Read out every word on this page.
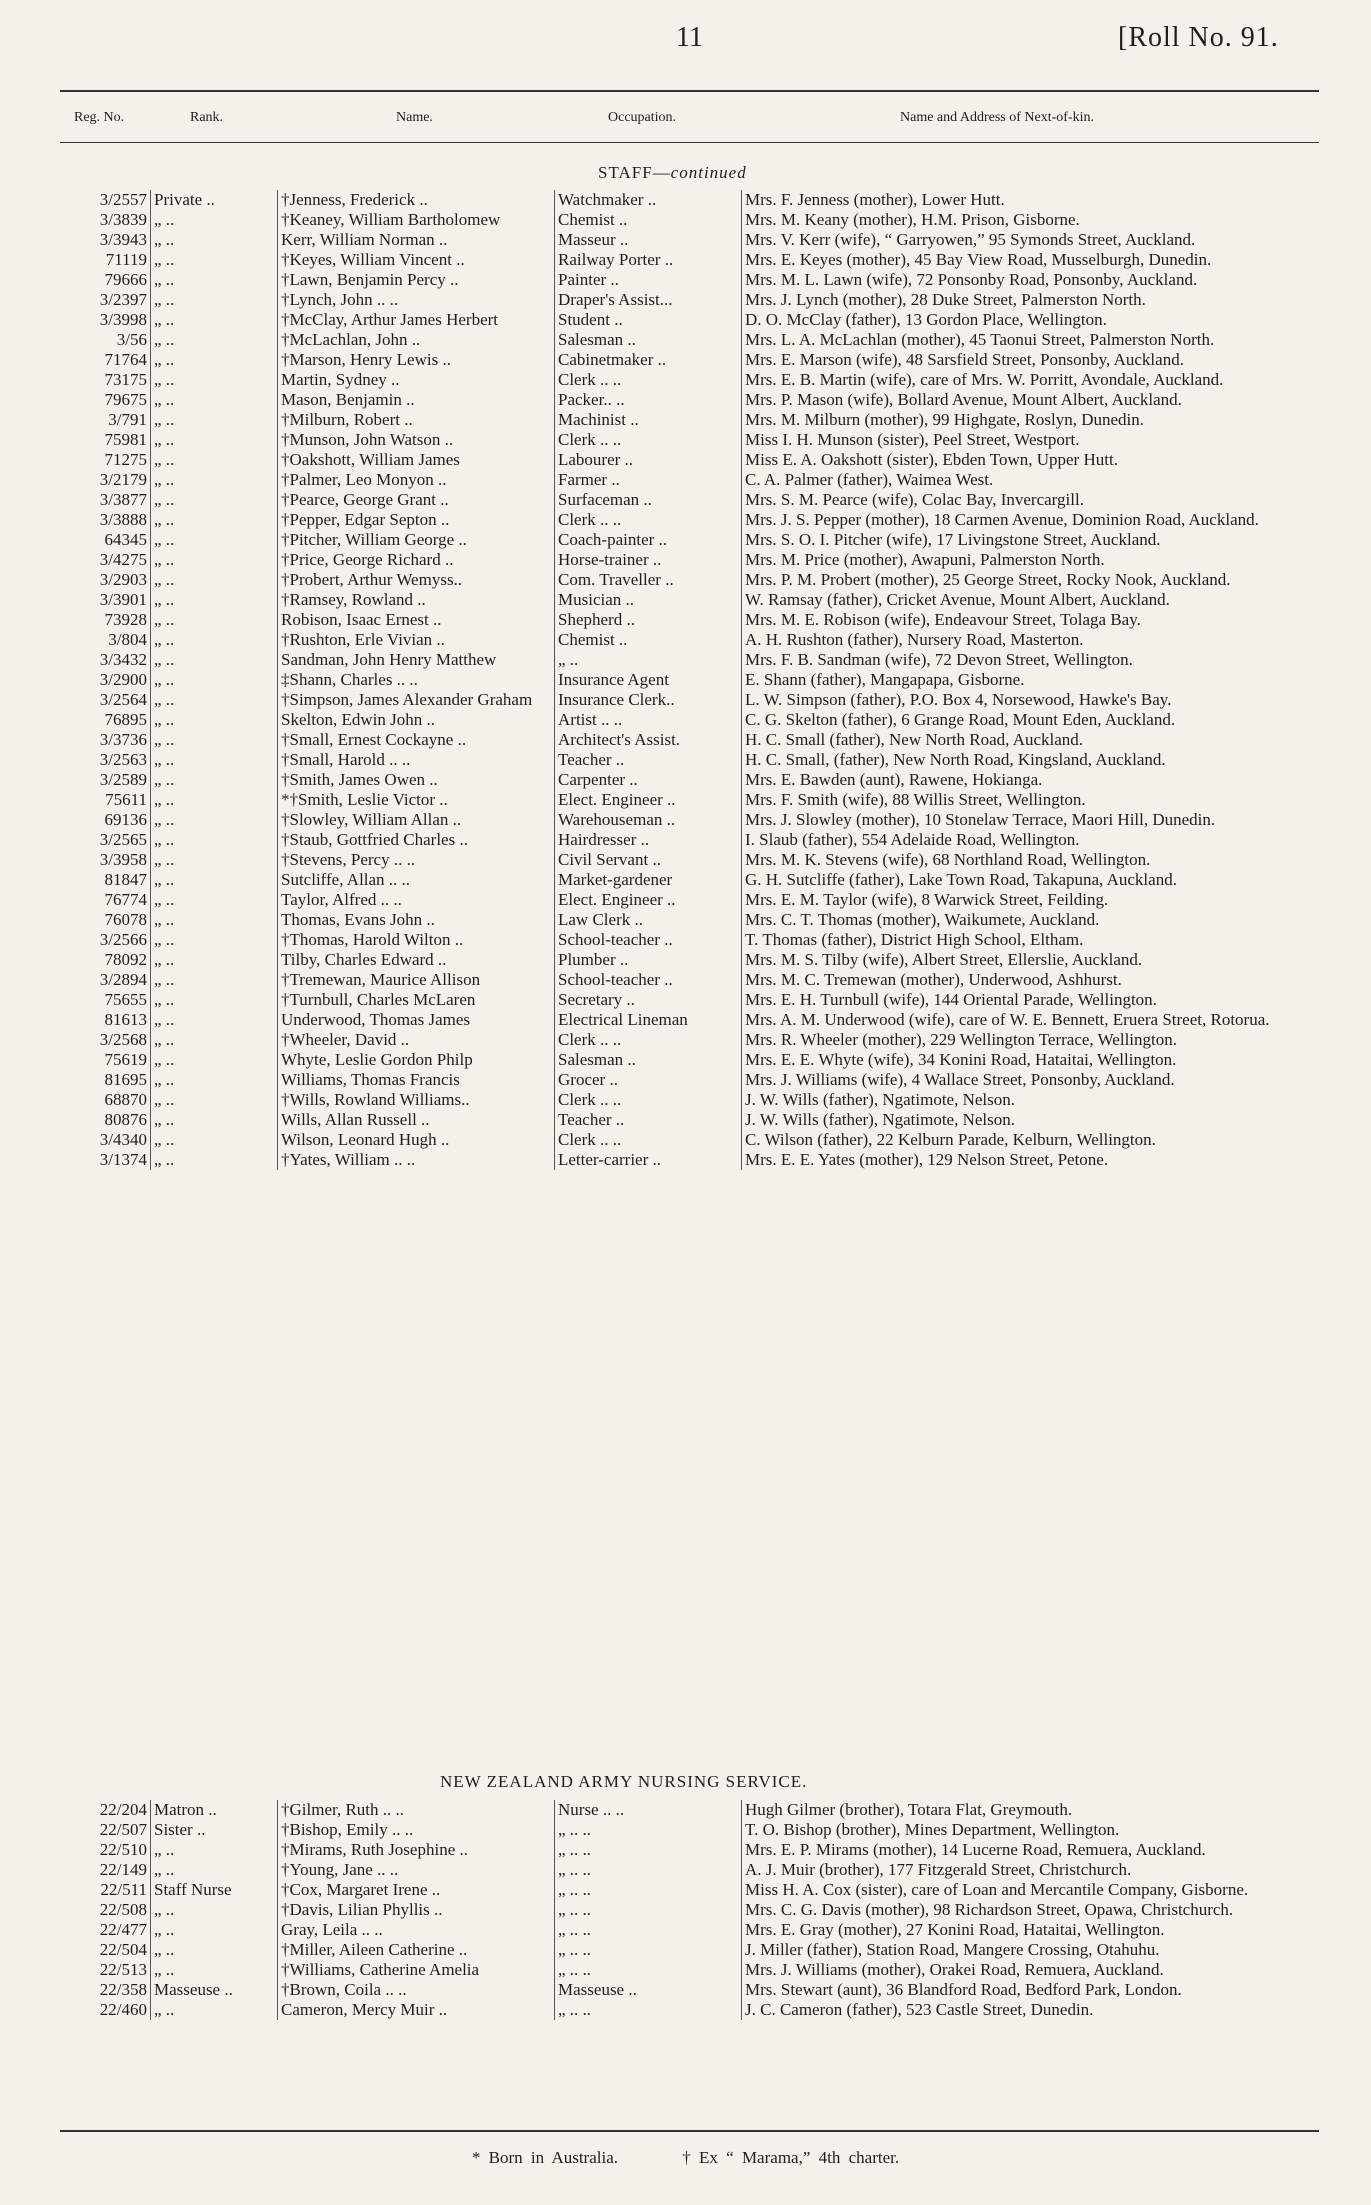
11	[Roll No. 91.
Reg. No.	Rank.	Name.	Occupation.	Name and Address of Next-of-kin.
STAFF—continued
3/2557	Private ..	†Jenness, Frederick ..	Watchmaker ..	Mrs. F. Jenness (mother), Lower Hutt.
3/3839	„ ..	†Keaney, William Bartholomew	Chemist ..	Mrs. M. Keany (mother), H.M. Prison, Gisborne.
3/3943	„ ..	Kerr, William Norman ..	Masseur ..	Mrs. V. Kerr (wife), “ Garryowen,” 95 Symonds Street, Auckland.
71119	„ ..	†Keyes, William Vincent ..	Railway Porter ..	Mrs. E. Keyes (mother), 45 Bay View Road, Musselburgh, Dunedin.
79666	„ ..	†Lawn, Benjamin Percy ..	Painter ..	Mrs. M. L. Lawn (wife), 72 Ponsonby Road, Ponsonby, Auckland.
3/2397	„ ..	†Lynch, John .. ..	Draper's Assist...	Mrs. J. Lynch (mother), 28 Duke Street, Palmerston North.
3/3998	„ ..	†McClay, Arthur James Herbert	Student ..	D. O. McClay (father), 13 Gordon Place, Wellington.
3/56	„ ..	†McLachlan, John ..	Salesman ..	Mrs. L. A. McLachlan (mother), 45 Taonui Street, Palmerston North.
71764	„ ..	†Marson, Henry Lewis ..	Cabinetmaker ..	Mrs. E. Marson (wife), 48 Sarsfield Street, Ponsonby, Auckland.
73175	„ ..	Martin, Sydney ..	Clerk .. ..	Mrs. E. B. Martin (wife), care of Mrs. W. Porritt, Avondale, Auckland.
79675	„ ..	Mason, Benjamin ..	Packer.. ..	Mrs. P. Mason (wife), Bollard Avenue, Mount Albert, Auckland.
3/791	„ ..	†Milburn, Robert ..	Machinist ..	Mrs. M. Milburn (mother), 99 Highgate, Roslyn, Dunedin.
75981	„ ..	†Munson, John Watson ..	Clerk .. ..	Miss I. H. Munson (sister), Peel Street, Westport.
71275	„ ..	†Oakshott, William James	Labourer ..	Miss E. A. Oakshott (sister), Ebden Town, Upper Hutt.
3/2179	„ ..	†Palmer, Leo Monyon ..	Farmer ..	C. A. Palmer (father), Waimea West.
3/3877	„ ..	†Pearce, George Grant ..	Surfaceman ..	Mrs. S. M. Pearce (wife), Colac Bay, Invercargill.
3/3888	„ ..	†Pepper, Edgar Septon ..	Clerk .. ..	Mrs. J. S. Pepper (mother), 18 Carmen Avenue, Dominion Road, Auckland.
64345	„ ..	†Pitcher, William George ..	Coach-painter ..	Mrs. S. O. I. Pitcher (wife), 17 Livingstone Street, Auckland.
3/4275	„ ..	†Price, George Richard ..	Horse-trainer ..	Mrs. M. Price (mother), Awapuni, Palmerston North.
3/2903	„ ..	†Probert, Arthur Wemyss..	Com. Traveller ..	Mrs. P. M. Probert (mother), 25 George Street, Rocky Nook, Auckland.
3/3901	„ ..	†Ramsey, Rowland ..	Musician ..	W. Ramsay (father), Cricket Avenue, Mount Albert, Auckland.
73928	„ ..	Robison, Isaac Ernest ..	Shepherd ..	Mrs. M. E. Robison (wife), Endeavour Street, Tolaga Bay.
3/804	„ ..	†Rushton, Erle Vivian ..	Chemist ..	A. H. Rushton (father), Nursery Road, Masterton.
3/3432	„ ..	Sandman, John Henry Matthew	„ ..	Mrs. F. B. Sandman (wife), 72 Devon Street, Wellington.
3/2900	„ ..	‡Shann, Charles .. ..	Insurance Agent	E. Shann (father), Mangapapa, Gisborne.
3/2564	„ ..	†Simpson, James Alexander Graham	Insurance Clerk..	L. W. Simpson (father), P.O. Box 4, Norsewood, Hawke's Bay.
76895	„ ..	Skelton, Edwin John ..	Artist .. ..	C. G. Skelton (father), 6 Grange Road, Mount Eden, Auckland.
3/3736	„ ..	†Small, Ernest Cockayne ..	Architect's Assist.	H. C. Small (father), New North Road, Auckland.
3/2563	„ ..	†Small, Harold .. ..	Teacher ..	H. C. Small, (father), New North Road, Kingsland, Auckland.
3/2589	„ ..	†Smith, James Owen ..	Carpenter ..	Mrs. E. Bawden (aunt), Rawene, Hokianga.
75611	„ ..	*†Smith, Leslie Victor ..	Elect. Engineer ..	Mrs. F. Smith (wife), 88 Willis Street, Wellington.
69136	„ ..	†Slowley, William Allan ..	Warehouseman ..	Mrs. J. Slowley (mother), 10 Stonelaw Terrace, Maori Hill, Dunedin.
3/2565	„ ..	†Staub, Gottfried Charles ..	Hairdresser ..	I. Slaub (father), 554 Adelaide Road, Wellington.
3/3958	„ ..	†Stevens, Percy .. ..	Civil Servant ..	Mrs. M. K. Stevens (wife), 68 Northland Road, Wellington.
81847	„ ..	Sutcliffe, Allan .. ..	Market-gardener	G. H. Sutcliffe (father), Lake Town Road, Takapuna, Auckland.
76774	„ ..	Taylor, Alfred .. ..	Elect. Engineer ..	Mrs. E. M. Taylor (wife), 8 Warwick Street, Feilding.
76078	„ ..	Thomas, Evans John ..	Law Clerk ..	Mrs. C. T. Thomas (mother), Waikumete, Auckland.
3/2566	„ ..	†Thomas, Harold Wilton ..	School-teacher ..	T. Thomas (father), District High School, Eltham.
78092	„ ..	Tilby, Charles Edward ..	Plumber ..	Mrs. M. S. Tilby (wife), Albert Street, Ellerslie, Auckland.
3/2894	„ ..	†Tremewan, Maurice Allison	School-teacher ..	Mrs. M. C. Tremewan (mother), Underwood, Ashhurst.
75655	„ ..	†Turnbull, Charles McLaren	Secretary ..	Mrs. E. H. Turnbull (wife), 144 Oriental Parade, Wellington.
81613	„ ..	Underwood, Thomas James	Electrical Lineman	Mrs. A. M. Underwood (wife), care of W. E. Bennett, Eruera Street, Rotorua.
3/2568	„ ..	†Wheeler, David ..	Clerk .. ..	Mrs. R. Wheeler (mother), 229 Wellington Terrace, Wellington.
75619	„ ..	Whyte, Leslie Gordon Philp	Salesman ..	Mrs. E. E. Whyte (wife), 34 Konini Road, Hataitai, Wellington.
81695	„ ..	Williams, Thomas Francis	Grocer ..	Mrs. J. Williams (wife), 4 Wallace Street, Ponsonby, Auckland.
68870	„ ..	†Wills, Rowland Williams..	Clerk .. ..	J. W. Wills (father), Ngatimote, Nelson.
80876	„ ..	Wills, Allan Russell ..	Teacher ..	J. W. Wills (father), Ngatimote, Nelson.
3/4340	„ ..	Wilson, Leonard Hugh ..	Clerk .. ..	C. Wilson (father), 22 Kelburn Parade, Kelburn, Wellington.
3/1374	„ ..	†Yates, William .. ..	Letter-carrier ..	Mrs. E. E. Yates (mother), 129 Nelson Street, Petone.
NEW ZEALAND ARMY NURSING SERVICE.
22/204	Matron ..	†Gilmer, Ruth .. ..	Nurse .. ..	Hugh Gilmer (brother), Totara Flat, Greymouth.
22/507	Sister ..	†Bishop, Emily .. ..	„ .. ..	T. O. Bishop (brother), Mines Department, Wellington.
22/510	„ ..	†Mirams, Ruth Josephine ..	„ .. ..	Mrs. E. P. Mirams (mother), 14 Lucerne Road, Remuera, Auckland.
22/149	„ ..	†Young, Jane .. ..	„ .. ..	A. J. Muir (brother), 177 Fitzgerald Street, Christchurch.
22/511	Staff Nurse	†Cox, Margaret Irene ..	„ .. ..	Miss H. A. Cox (sister), care of Loan and Mercantile Company, Gisborne.
22/508	„ ..	†Davis, Lilian Phyllis ..	„ .. ..	Mrs. C. G. Davis (mother), 98 Richardson Street, Opawa, Christchurch.
22/477	„ ..	Gray, Leila .. ..	„ .. ..	Mrs. E. Gray (mother), 27 Konini Road, Hataitai, Wellington.
22/504	„ ..	†Miller, Aileen Catherine ..	„ .. ..	J. Miller (father), Station Road, Mangere Crossing, Otahuhu.
22/513	„ ..	†Williams, Catherine Amelia	„ .. ..	Mrs. J. Williams (mother), Orakei Road, Remuera, Auckland.
22/358	Masseuse ..	†Brown, Coila .. ..	Masseuse ..	Mrs. Stewart (aunt), 36 Blandford Road, Bedford Park, London.
22/460	„ ..	Cameron, Mercy Muir ..	„ .. ..	J. C. Cameron (father), 523 Castle Street, Dunedin.
* Born in Australia.	† Ex “ Marama,” 4th charter.
